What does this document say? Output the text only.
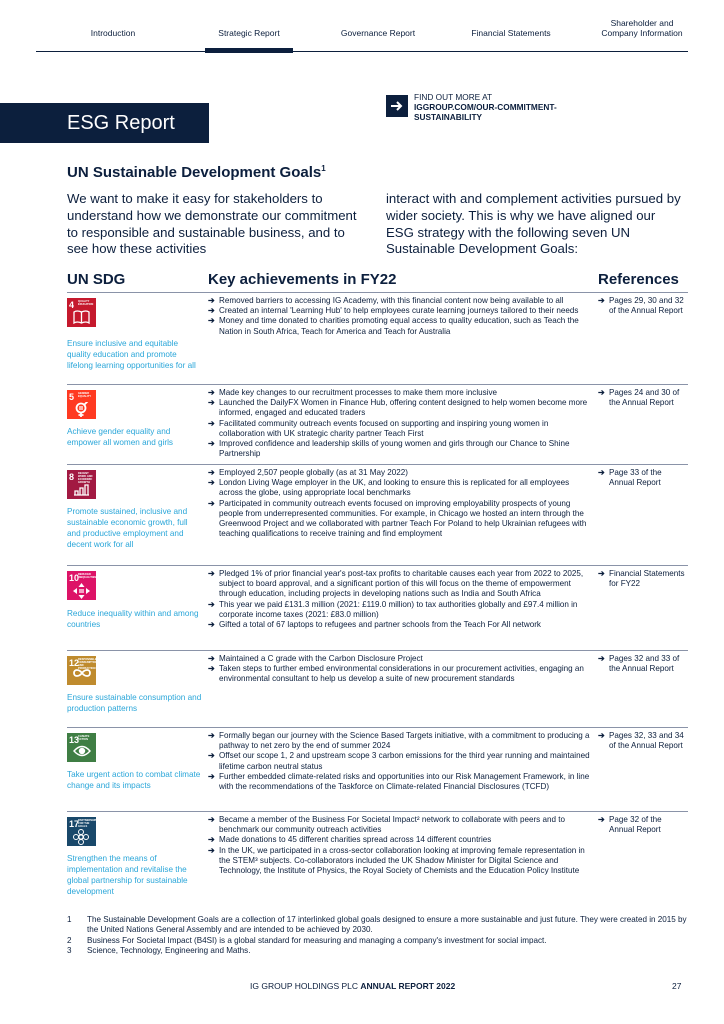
Introduction	Strategic Report	Governance Report	Financial Statements
Shareholder and Company Information
ESG Report
FIND OUT MORE AT
IGGROUP.COM/OUR-COMMITMENT-SUSTAINABILITY
UN Sustainable Development Goals$^1$
We want to make it easy for stakeholders to understand how we demonstrate our commitment to responsible and sustainable business, and to see how these activities
interact with and complement activities pursued by wider society. This is why we have aligned our ESG strategy with the following seven UN Sustainable Development Goals:
UN SDG	Key achievements in FY22	References
4 QUALITY EDUCATION
Ensure inclusive and equitable quality education and promote lifelong learning opportunities for all
➔ Removed barriers to accessing IG Academy, with this financial content now being available to all
➔ Created an internal 'Learning Hub' to help employees curate learning journeys tailored to their needs
➔ Money and time donated to charities promoting equal access to quality education, such as Teach the Nation in South Africa, Teach for America and Teach for Australia
➔ Pages 29, 30 and 32 of the Annual Report
5 GENDER EQUALITY
Achieve gender equality and empower all women and girls
➔ Made key changes to our recruitment processes to make them more inclusive
➔ Launched the DailyFX Women in Finance Hub, offering content designed to help women become more informed, engaged and educated traders
➔ Facilitated community outreach events focused on supporting and inspiring young women in collaboration with UK strategic charity partner Teach First
➔ Improved confidence and leadership skills of young women and girls through our Chance to Shine Partnership
➔ Pages 24 and 30 of the Annual Report
8 DECENT WORK AND ECONOMIC GROWTH
Promote sustained, inclusive and sustainable economic growth, full and productive employment and decent work for all
➔ Employed 2,507 people globally (as at 31 May 2022)
➔ London Living Wage employer in the UK, and looking to ensure this is replicated for all employees across the globe, using appropriate local benchmarks
➔ Participated in community outreach events focused on improving employability prospects of young people from underrepresented communities. For example, in Chicago we hosted an intern through the Greenwood Project and we collaborated with partner Teach For Poland to help Ukrainian refugees with teaching qualifications to receive training and find employment
➔ Page 33 of the Annual Report
10
REDUCED INEQUALITIES
Reduce inequality within and among countries
➔ Pledged 1% of prior financial year's post-tax profits to charitable causes each year from 2022 to 2025, subject to board approval, and a significant portion of this will focus on the theme of empowerment through education, including projects in developing nations such as India and South Africa
➔ This year we paid £131.3 million (2021: £119.0 million) to tax authorities globally and £97.4 million in corporate income taxes (2021: £83.0 million)
➔ Gifted a total of 67 laptops to refugees and partner schools from the Teach For All network
➔ Financial Statements for FY22
12
RESPONSIBLE CONSUMPTION AND PRODUCTION
Ensure sustainable consumption and production patterns
➔ Maintained a C grade with the Carbon Disclosure Project
➔ Taken steps to further embed environmental considerations in our procurement activities, engaging an environmental consultant to help us develop a suite of new procurement standards
➔ Pages 32 and 33 of the Annual Report
13
CLIMATE ACTION
Take urgent action to combat climate change and its impacts
➔ Formally began our journey with the Science Based Targets initiative, with a commitment to producing a pathway to net zero by the end of summer 2024
➔ Offset our scope 1, 2 and upstream scope 3 carbon emissions for the third year running and maintained lifetime carbon neutral status
➔ Further embedded climate-related risks and opportunities into our Risk Management Framework, in line with the recommendations of the Taskforce on Climate-related Financial Disclosures (TCFD)
➔ Pages 32, 33 and 34 of the Annual Report
17
PARTNERSHIPS FOR THE GOALS
Strengthen the means of implementation and revitalise the global partnership for sustainable development
➔ Became a member of the Business For Societal Impact² network to collaborate with peers and to benchmark our community outreach activities
➔ Made donations to 45 different charities spread across 14 different countries
➔ In the UK, we participated in a cross-sector collaboration looking at improving female representation in the STEM³ subjects. Co-collaborators included the UK Shadow Minister for Digital Science and Technology, the Institute of Physics, the Royal Society of Chemists and the Education Policy Institute
➔ Page 32 of the Annual Report
1	The Sustainable Development Goals are a collection of 17 interlinked global goals designed to ensure a more sustainable and just future. They were created in 2015 by the United Nations General Assembly and are intended to be achieved by 2030.
2	Business For Societal Impact (B4SI) is a global standard for measuring and managing a company's investment for social impact.
3	Science, Technology, Engineering and Maths.
IG GROUP HOLDINGS PLC ANNUAL REPORT 2022	27
